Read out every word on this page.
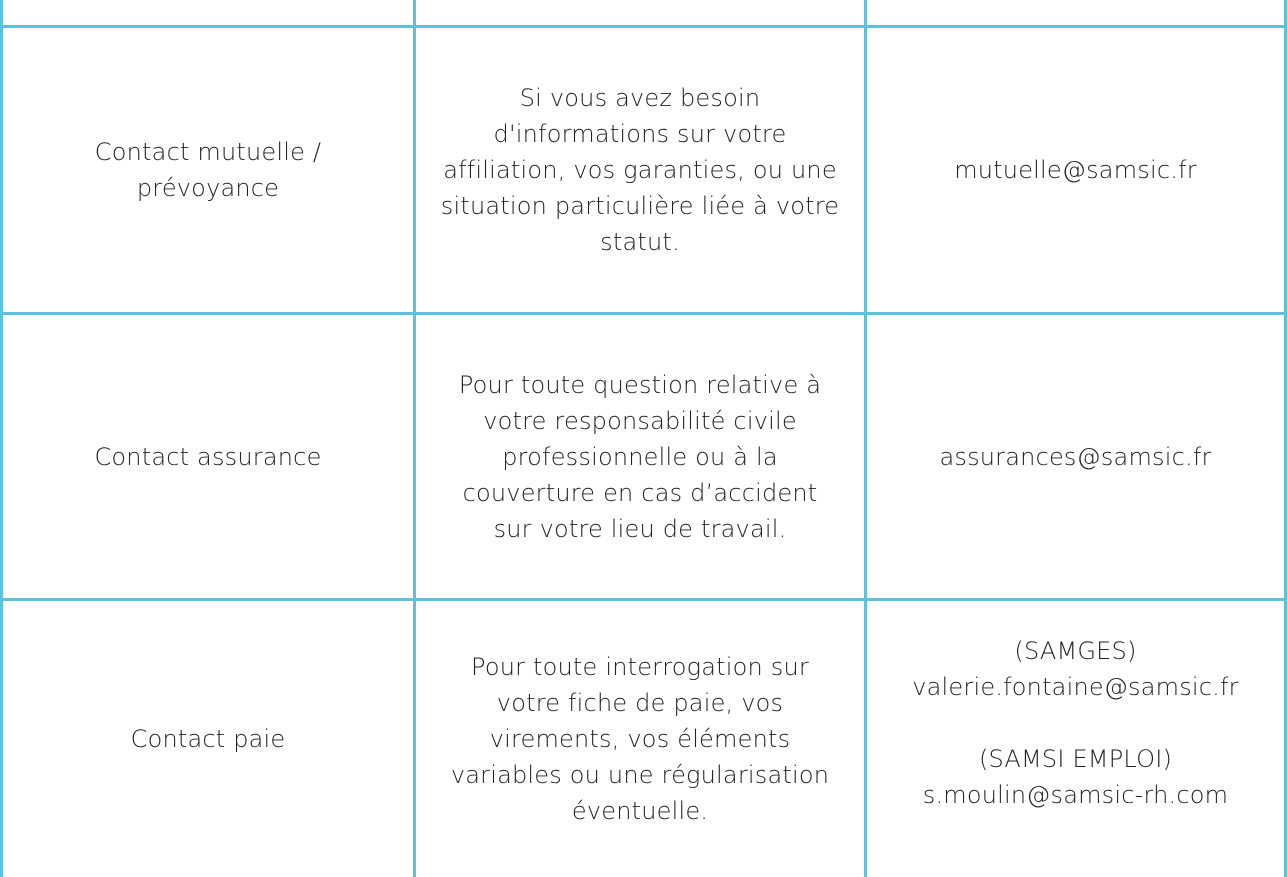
Contact mutuelle / prévoyance
Si vous avez besoin d'informations sur votre affiliation, vos garanties, ou une situation particulière liée à votre statut.
mutuelle@samsic.fr
Contact assurance
Pour toute question relative à votre responsabilité civile professionnelle ou à la couverture en cas d’accident sur votre lieu de travail.
assurances@samsic.fr
Contact paie
Pour toute interrogation sur votre fiche de paie, vos virements, vos éléments variables ou une régularisation éventuelle.
(SAMGES)
valerie.fontaine@samsic.fr
(SAMSI EMPLOI)
s.moulin@samsic-rh.com
